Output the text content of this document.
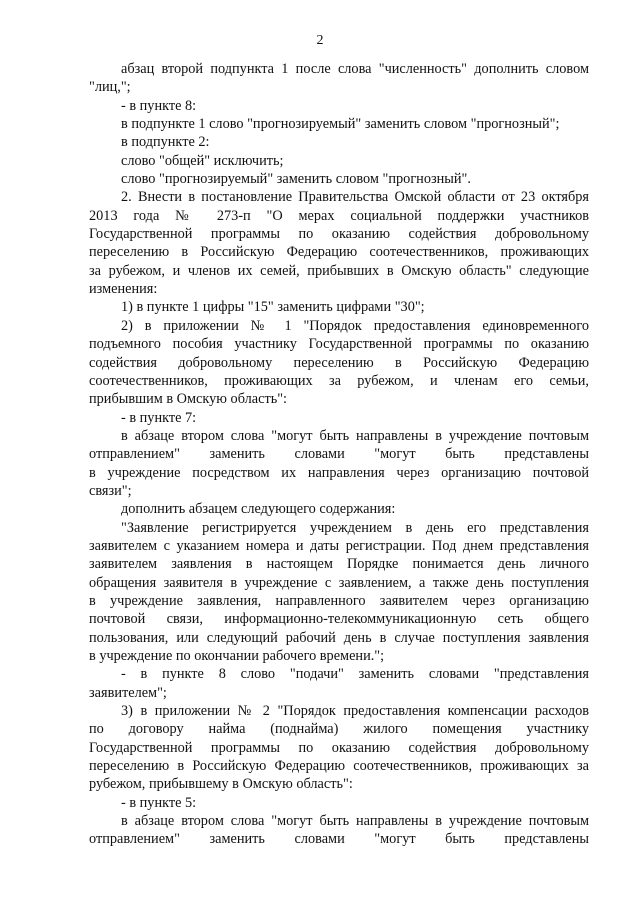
2
абзац второй подпункта 1 после слова "численность" дополнить словом
"лиц,";
- в пункте 8:
в подпункте 1 слово "прогнозируемый" заменить словом "прогнозный";
в подпункте 2:
слово "общей" исключить;
слово "прогнозируемый" заменить словом "прогнозный".
2. Внести в постановление Правительства Омской области от 23 октября
2013 года № 273-п "О мерах социальной поддержки участников
Государственной программы по оказанию содействия добровольному
переселению в Российскую Федерацию соотечественников, проживающих
за рубежом, и членов их семей, прибывших в Омскую область" следующие
изменения:
1) в пункте 1 цифры "15" заменить цифрами "30";
2) в приложении № 1 "Порядок предоставления единовременного
подъемного пособия участнику Государственной программы по оказанию
содействия добровольному переселению в Российскую Федерацию
соотечественников, проживающих за рубежом, и членам его семьи,
прибывшим в Омскую область":
- в пункте 7:
в абзаце втором слова "могут быть направлены в учреждение почтовым
отправлением" заменить словами "могут быть представлены
в учреждение посредством их направления через организацию почтовой
связи";
дополнить абзацем следующего содержания:
"Заявление регистрируется учреждением в день его представления
заявителем с указанием номера и даты регистрации. Под днем представления
заявителем заявления в настоящем Порядке понимается день личного
обращения заявителя в учреждение с заявлением, а также день поступления
в учреждение заявления, направленного заявителем через организацию
почтовой связи, информационно-телекоммуникационную сеть общего
пользования, или следующий рабочий день в случае поступления заявления
в учреждение по окончании рабочего времени.";
- в пункте 8 слово "подачи" заменить словами "представления
заявителем";
3) в приложении № 2 "Порядок предоставления компенсации расходов
по договору найма (поднайма) жилого помещения участнику
Государственной программы по оказанию содействия добровольному
переселению в Российскую Федерацию соотечественников, проживающих за
рубежом, прибывшему в Омскую область":
- в пункте 5:
в абзаце втором слова "могут быть направлены в учреждение почтовым
отправлением" заменить словами "могут быть представлены
